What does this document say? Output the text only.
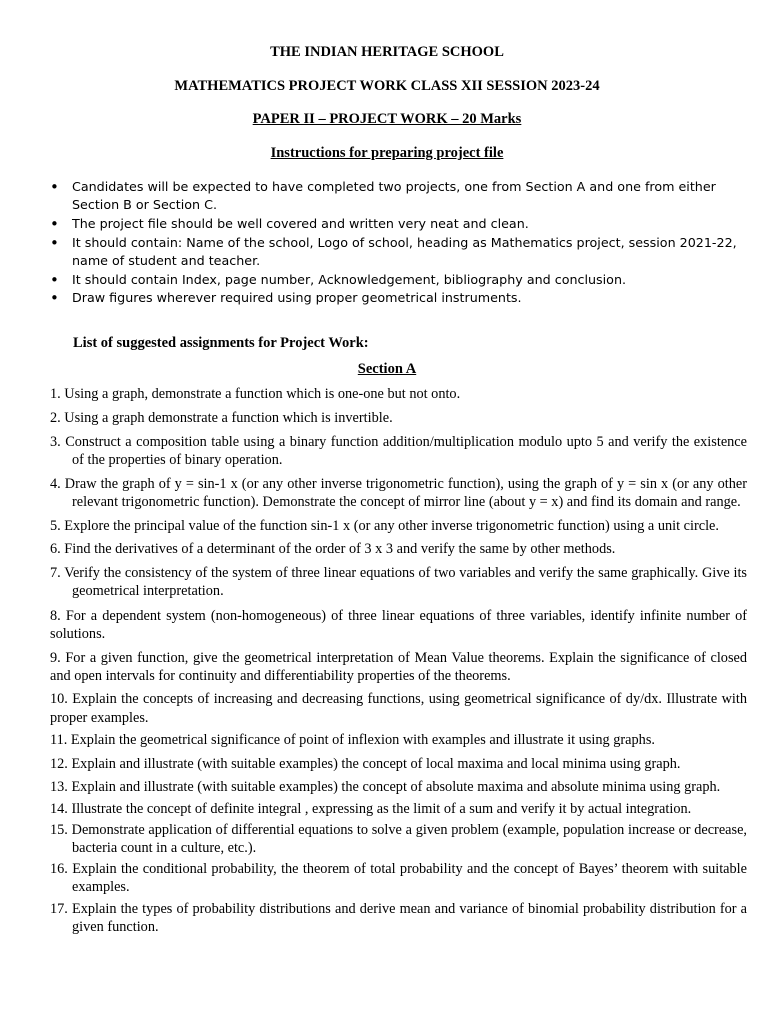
THE INDIAN HERITAGE SCHOOL
MATHEMATICS PROJECT WORK CLASS XII SESSION 2023-24
PAPER II – PROJECT WORK – 20 Marks
Instructions for preparing project file
• Candidates will be expected to have completed two projects, one from Section A and one from either Section B or Section C.
• The project file should be well covered and written very neat and clean.
• It should contain: Name of the school, Logo of school, heading as Mathematics project, session 2021-22, name of student and teacher.
• It should contain Index, page number, Acknowledgement, bibliography and conclusion.
• Draw figures wherever required using proper geometrical instruments.
List of suggested assignments for Project Work:
Section A
1. Using a graph, demonstrate a function which is one-one but not onto.
2. Using a graph demonstrate a function which is invertible.
3. Construct a composition table using a binary function addition/multiplication modulo upto 5 and verify the existence of the properties of binary operation.
4. Draw the graph of y = sin-1 x (or any other inverse trigonometric function), using the graph of y = sin x (or any other relevant trigonometric function). Demonstrate the concept of mirror line (about y = x) and find its domain and range.
5. Explore the principal value of the function sin-1 x (or any other inverse trigonometric function) using a unit circle.
6. Find the derivatives of a determinant of the order of 3 x 3 and verify the same by other methods.
7. Verify the consistency of the system of three linear equations of two variables and verify the same graphically. Give its geometrical interpretation.
8. For a dependent system (non-homogeneous) of three linear equations of three variables, identify infinite number of solutions.
9. For a given function, give the geometrical interpretation of Mean Value theorems. Explain the significance of closed and open intervals for continuity and differentiability properties of the theorems.
10. Explain the concepts of increasing and decreasing functions, using geometrical significance of dy/dx. Illustrate with proper examples.
11. Explain the geometrical significance of point of inflexion with examples and illustrate it using graphs.
12. Explain and illustrate (with suitable examples) the concept of local maxima and local minima using graph.
13. Explain and illustrate (with suitable examples) the concept of absolute maxima and absolute minima using graph.
14. Illustrate the concept of definite integral , expressing as the limit of a sum and verify it by actual integration.
15. Demonstrate application of differential equations to solve a given problem (example, population increase or decrease, bacteria count in a culture, etc.).
16. Explain the conditional probability, the theorem of total probability and the concept of Bayes’ theorem with suitable examples.
17. Explain the types of probability distributions and derive mean and variance of binomial probability distribution for a given function.
